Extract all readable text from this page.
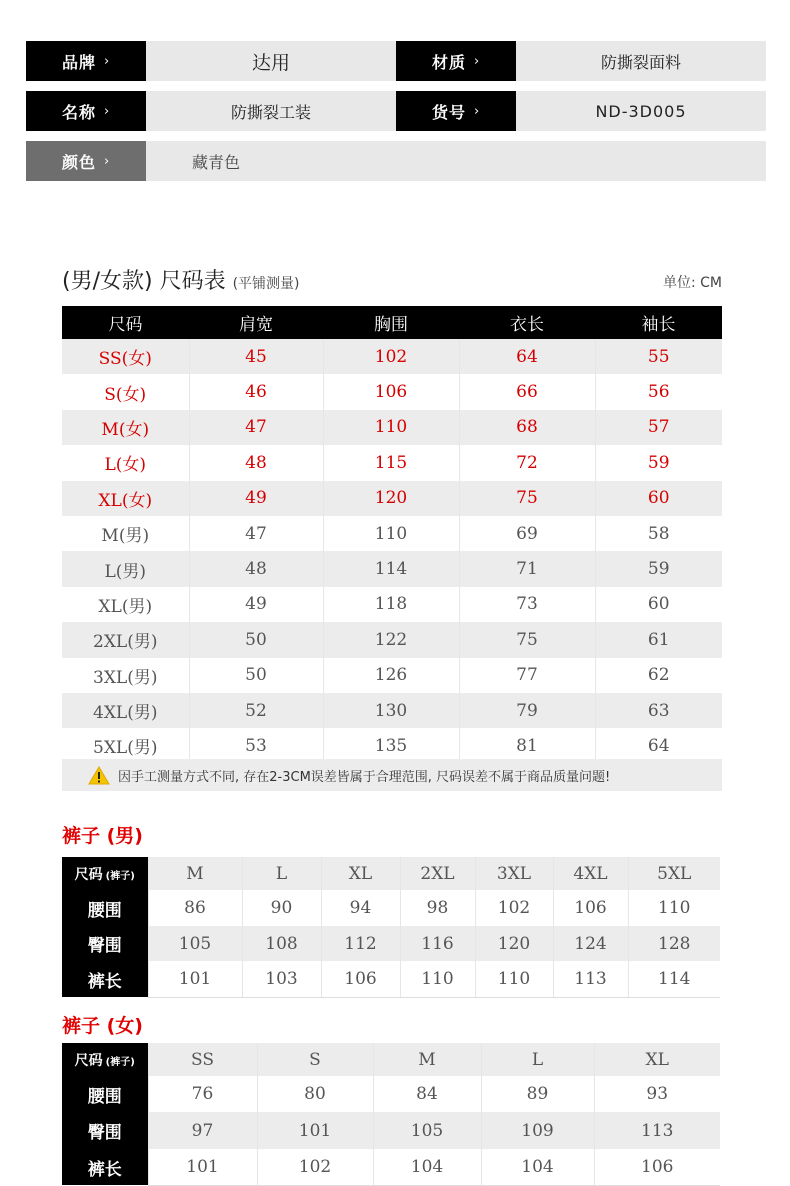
品牌 ›	达用	材质 ›	防撕裂面料
名称 ›	防撕裂工装	货号 ›	ND-3D005
颜色 ›	藏青色
(男/女款) 尺码表 (平铺测量)	单位: CM
尺码	肩宽	胸围	衣长	袖长
SS(女)	45	102	64	55
S(女)	46	106	66	56
M(女)	47	110	68	57
L(女)	48	115	72	59
XL(女)	49	120	75	60
M(男)	47	110	69	58
L(男)	48	114	71	59
XL(男)	49	118	73	60
2XL(男)	50	122	75	61
3XL(男)	50	126	77	62
4XL(男)	52	130	79	63
5XL(男)	53	135	81	64
因手工测量方式不同, 存在2-3CM误差皆属于合理范围, 尺码误差不属于商品质量问题!
裤子 (男)
尺码 (裤子)	M	L	XL	2XL	3XL	4XL	5XL
腰围	86	90	94	98	102	106	110
臀围	105	108	112	116	120	124	128
裤长	101	103	106	110	110	113	114
裤子 (女)
尺码 (裤子)	SS	S	M	L	XL
腰围	76	80	84	89	93
臀围	97	101	105	109	113
裤长	101	102	104	104	106
